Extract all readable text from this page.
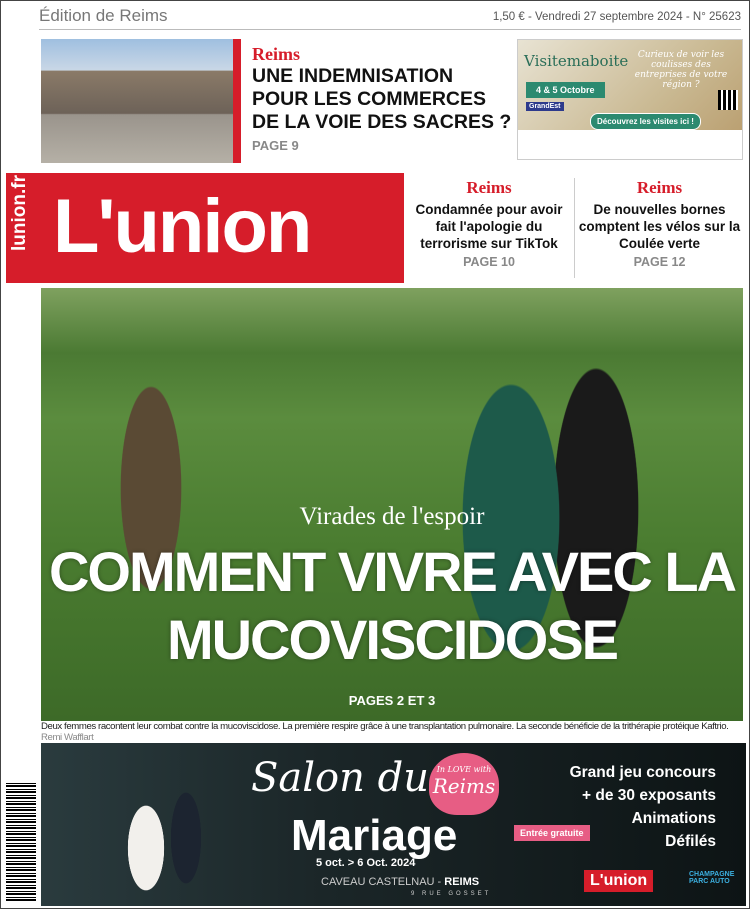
Édition de Reims	1,50 € - Vendredi 27 septembre 2024 - N° 25623
Reims
UNE INDEMNISATION POUR LES COMMERCES DE LA VOIE DES SACRES ?
PAGE 9
Visitemaboite
4 & 5 Octobre
Curieux de voir les coulisses des entreprises de votre région ?
Découvrez les visites ici !
GrandEst
lunion.fr L'union	Reims
Condamnée pour avoir fait l'apologie du terrorisme sur TikTok
PAGE 10
Reims
De nouvelles bornes comptent les vélos sur la Coulée verte
PAGE 12
Virades de l'espoir
COMMENT VIVRE AVEC LA MUCOVISCIDOSE
PAGES 2 ET 3
Deux femmes racontent leur combat contre la mucoviscidose. La première respire grâce à une transplantation pulmonaire. La seconde bénéficie de la trithérapie protéique Kaftrio. Remi Wafflart
Salon du
Mariage
5 oct. > 6 Oct. 2024
CAVEAU CASTELNAU - REIMS
9 RUE GOSSET
In LOVE with
Reims
Entrée gratuite
Grand jeu concours
+ de 30 exposants
Animations
Défilés
L'union	CHAMPAGNE PARC AUTO
